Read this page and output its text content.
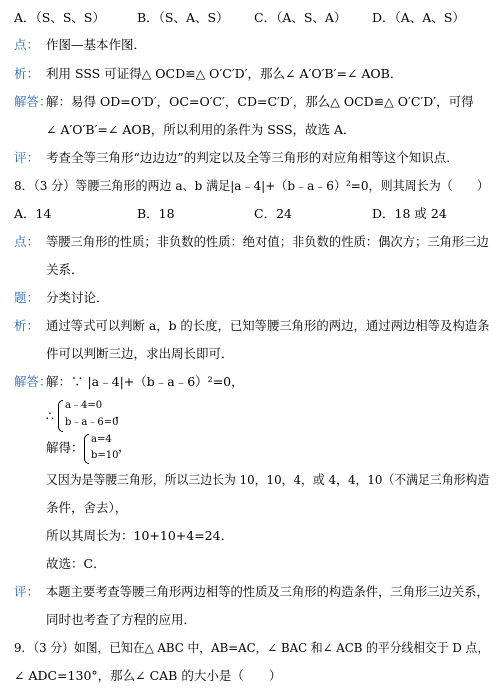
A．（S、S、S）	B．（S、A、S） C．（A、S、A） D．（A、A、S）
点： 作图—基本作图．
析： 利用 SSS 可证得△ OCD≌△ O′C′D′，那么∠ A′O′B′=∠ AOB．
解答：
解：易得 OD=O′D′，OC=O′C′，CD=C′D′，那么△ OCD≌△ O′C′D′，可得
∠ A′O′B′=∠ AOB，所以利用的条件为 SSS，故选 A．
评： 考查全等三角形“边边边”的判定以及全等三角形的对应角相等这个知识点．
8．（3 分）等腰三角形的两边 a、b 满足|a﹣4|+（b﹣a﹣6）²=0，则其周长为（　　）
A．14	B．18	C．24	D．18 或 24
点： 等腰三角形的性质；非负数的性质：绝对值；非负数的性质：偶次方；三角形三边
关系．
题： 分类讨论．
析： 通过等式可以判断 a，b 的长度，已知等腰三角形的两边，通过两边相等及构造条
件可以判断三边，求出周长即可．
解答：
解：∵ |a﹣4|+（b﹣a﹣6）²=0，
∴
a﹣4=0
b﹣a﹣6=0
，
解得：
a=4
b=10
，
又因为是等腰三角形，所以三边长为 10，10，4，或 4，4，10（不满足三角形构造
条件，舍去），
所以其周长为：10+10+4=24．
故选：C．
评： 本题主要考查等腰三角形两边相等的性质及三角形的构造条件，三角形三边关系，
同时也考查了方程的应用．
9．（3 分）如图，已知在△ ABC 中，AB=AC，∠ BAC 和∠ ACB 的平分线相交于 D 点，
∠ ADC=130°，那么∠ CAB 的大小是（　　）
